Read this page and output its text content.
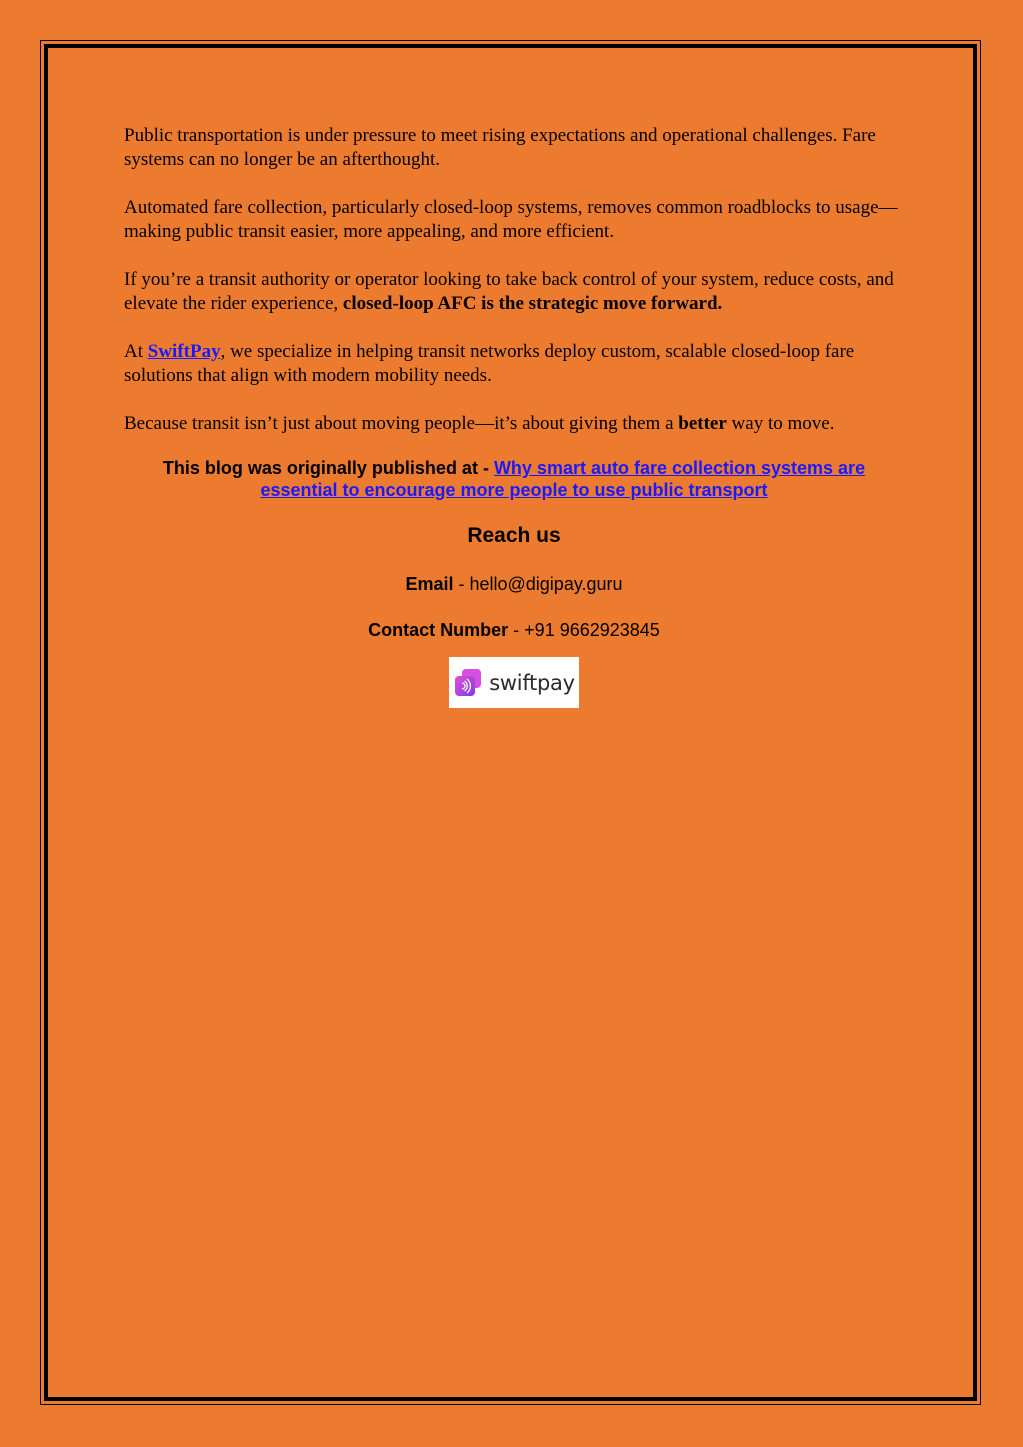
Public transportation is under pressure to meet rising expectations and operational challenges. Fare systems can no longer be an afterthought.

Automated fare collection, particularly closed-loop systems, removes common roadblocks to usage—making public transit easier, more appealing, and more efficient.

If you’re a transit authority or operator looking to take back control of your system, reduce costs, and elevate the rider experience, closed-loop AFC is the strategic move forward.

At SwiftPay, we specialize in helping transit networks deploy custom, scalable closed-loop fare solutions that align with modern mobility needs.

Because transit isn’t just about moving people—it’s about giving them a better way to move.

This blog was originally published at - Why smart auto fare collection systems are essential to encourage more people to use public transport

Reach us

Email - hello@digipay.guru

Contact Number - +91 9662923845

swiftpay
